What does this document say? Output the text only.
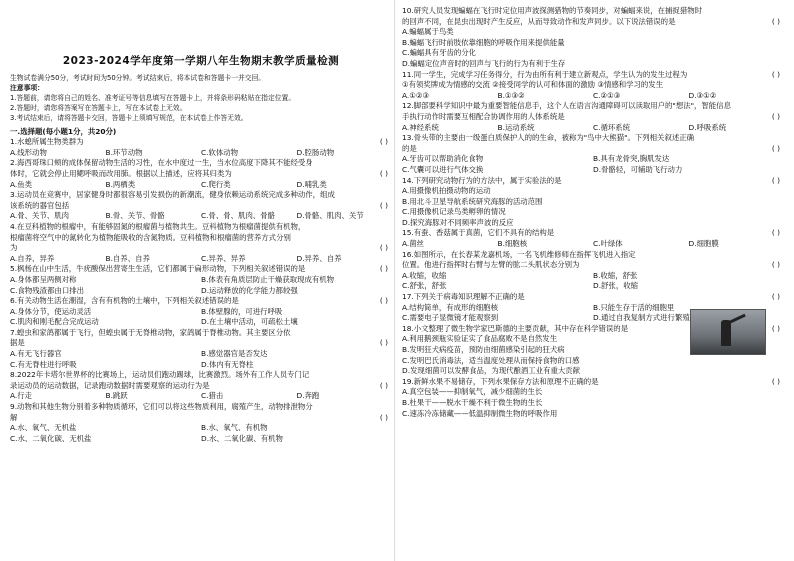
2023-2024学年度第一学期八年生物期末教学质量检测
生物试卷满分50分，考试时间为50分钟。考试结束后，将本试卷和答题卡一并交回。
注意事项：
1.答题前，请您将自己的姓名、准考证号等信息填写在答题卡上，并将条形码粘贴在指定位置。
2.答题时，请您将答案写在答题卡上，写在本试卷上无效。
3.考试结束后，请将答题卡交回，答题卡上须填写规范，在本试卷上作答无效。
一.选择题(每小题1分，共20分)
( )
1.水螅所属生物类群为
A.线形动物	B.环节动物	C.软体动物	D.腔肠动物
2.海西哥珠口颊的成体保留动物生活的习性，在水中度过一生，当水位高度下降其不能经受身
( )
体时，它就会停止用鳃呼吸而改用肺。根据以上描述，应将其归类为
A.鱼类	B.两栖类	C.爬行类	D.哺乳类
3.运动员在竞赛中，居家健身时都很容易引发损伤的新潮流，健身依赖运动系统完成多种动作，组成
( )
该系统的器官包括
A.骨、关节、肌肉	B.骨、关节、骨骼	C.骨、骨、肌肉、骨骼	D.骨骼、肌肉、关节
4.在豆科植物的根瘤中，有能够固氮的根瘤菌与植物共生。豆科植物为根瘤菌提供有机物，
根瘤菌将空气中的氮转化为植物能吸收的含氮物质。豆科植物和根瘤菌的营养方式分别
( )
为
A.自养、异养	B.自养、自养	C.异养、异养	D.异养、自养
( )
5.枫杨在山中生活，牛疣酸保出营寄生生活，它们都属于扁形动物，下列相关叙述错误的是
A.身体都呈两侧对称	B.体表有角质层防止干燥获取现成有机物
C.食物残渣都由口排出	D.运动释放的化学能力都较强
( )
6.有关动物生活在潮湿，含有有机物的土壤中，下列相关叙述错误的是
A.身体分节，使运动灵活	B.体壁腺的，可进行呼吸
C.肌肉和刚毛配合完成运动	D.在土壤中活动，可疏松土壤
7.蝗虫和家鸽都属于飞行，但蝗虫属于无脊椎动物，家鸽属于脊椎动物。其主要区分依
( )
据是
A.有无飞行器官	B.感觉器官是否发达
C.有无脊柱进行呼吸	D.体内有无脊柱
8.2022年卡塔尔世界杯的比赛场上，运动员们跑动踢球，比赛激烈。场外有工作人员专门记
( )
录运动员的运动数据，记录跑动数据时需要观察的运动行为是
A.行走	B.跳跃	C.猎击	D.奔跑
9.动物和其他生物分别着多种物质循环，它们可以将这些物质利用，腐殖产生，动物排泄物分
( )
解
A.水、氧气、无机盐	B.水、氧气、有机物
C.水、二氧化碳、无机盐	D.水、二氧化碳、有机物
10.研究人员发现蝙蝠在飞行时定位用声波探测猎物的节奏同步，对蝙蝠来说，在捕捉猎物时
( )
的回声不同，在昆虫出现时产生反应，从而导致动作和发声同步。以下说法错误的是
A.蝙蝠属于鸟类
B.蝙蝠飞行时前肢依靠细胞的呼吸作用来提供能量
C.蝙蝠具有牙齿的分化
D.蝙蝠定位声音时的回声与飞行的行为有利于生存
( )
11.同一学生，完成学习任务得分，行为由所有利于建立新观点，学生认为的发生过程为
①有领奖牌成为情感的交流 ②接受同学的认可和体面的激励 ③情感和学习的发生
A.①②③	B.①③②	C.②①③	D.③①②
12.脚部要科学知识中最为重要智能信息手，这个人在语言沟通障碍可以读取用户的"想法"，智能信息
( )
手执行动作时需要互相配合协调作用的人体系统是
A.神经系统	B.运动系统	C.循环系统	D.呼吸系统
13.骨头带的主要由一级蛋白质保护人的的生命，被称为"鸟中大熊猫"。下列相关叙述正确
( )
的是
A.牙齿可以帮助消化食物	B.具有龙骨突,胸肌发达
C.气囊可以进行气体交换	D.骨骼轻，可辅助飞行动力
( )
14.下列研究动物行为的方法中，属于实验法的是
A.用摄像机拍摄动物的运动
B.用北斗卫星导航系统研究海豚的活动范围
C.用摄像机记录鸟类孵卵的情况
D.探究海豚对不同频率声波的反应
( )
15.有蚕、香菇属于真菌，它们不具有的结构是
A.菌丝	B.细胞核	C.叶绿体	D.细胞膜
16.如图所示，在长春某龙嘉机场，一名飞机维修师在指挥飞机进入指定
( )
位置。他进行指挥时右臂与左臂的肱二头肌状态分别为
A.收缩，收缩	B.收缩，舒张
C.舒张，舒张	D.舒张，收缩
( )
17.下列关于病毒知识理解不正确的是
A.结构简单，有成形的细胞核	B.只能生存于活的细胞里
C.需要电子显微镜才能观察到	D.通过自我复制方式进行繁殖
( )
18.小文整理了微生物学家巴斯德的主要贡献，其中存在科学错误的是
A.利用鹅颈瓶实验证实了食品腐败不是自然发生
B.发明狂犬病疫苗，预防由细菌感染引起的狂犬病
C.发明巴氏消毒法，适当温度处理从而保持食物的口感
D.发现细菌可以发酵食品，为现代酿酒工业有重大贡献
( )
19.新鲜水果不易储存，下列水果保存方法和原理不正确的是
A.真空包装——抑制氧气，减少细菌的生长
B.杜果干——脱水干燥不利于微生物的生长
C.速冻冷冻储藏——低温抑制微生物的呼吸作用
